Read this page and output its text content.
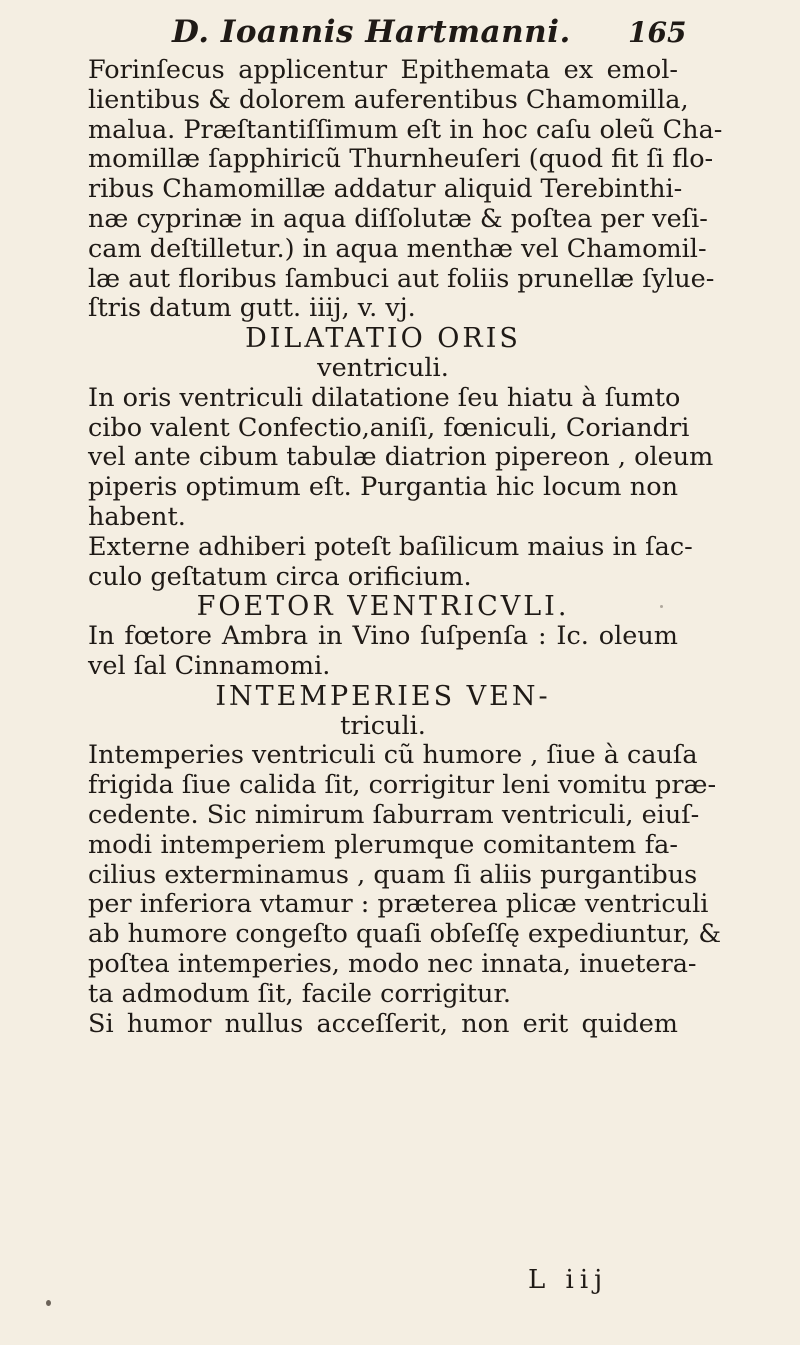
D. Ioannis Hartmanni. 165
Forinſecus applicentur Epithemata ex emol-
lientibus & dolorem auferentibus Chamomilla,
malua. Præſtantiſſimum eſt in hoc caſu oleũ Cha-
momillæ ſapphiricũ Thurnheuſeri (quod fit ſi flo-
ribus Chamomillæ addatur aliquid Terebinthi-
næ cyprinæ in aqua diſſolutæ & poſtea per veſi-
cam deſtilletur.) in aqua menthæ vel Chamomil-
læ aut floribus ſambuci aut foliis prunellæ ſylue-
ſtris datum gutt. iiij, v. vj.
DILATATIO ORIS
ventriculi.
In oris ventriculi dilatatione ſeu hiatu à ſumto
cibo valent Confectio,aniſi, fœniculi, Coriandri
vel ante cibum tabulæ diatrion pipereon , oleum
piperis optimum eſt. Purgantia hic locum non
habent.
Externe adhiberi poteſt baſilicum maius in ſac-
culo geſtatum circa orificium.
FOETOR VENTRICVLI.
In fœtore Ambra in Vino ſuſpenſa : Ic. oleum
vel ſal Cinnamomi.
INTEMPERIES VEN-
triculi.
Intemperies ventriculi cũ humore , ſiue à cauſa
frigida ſiue calida ſit, corrigitur leni vomitu præ-
cedente. Sic nimirum ſaburram ventriculi, eiuſ-
modi intemperiem plerumque comitantem fa-
cilius exterminamus , quam ſi aliis purgantibus
per inferiora vtamur : præterea plicæ ventriculi
ab humore congeſto quaſi obſeſſę expediuntur, &
poſtea intemperies, modo nec innata, inuetera-
ta admodum ſit, facile corrigitur.
Si humor nullus acceſſerit, non erit quidem
L iij
